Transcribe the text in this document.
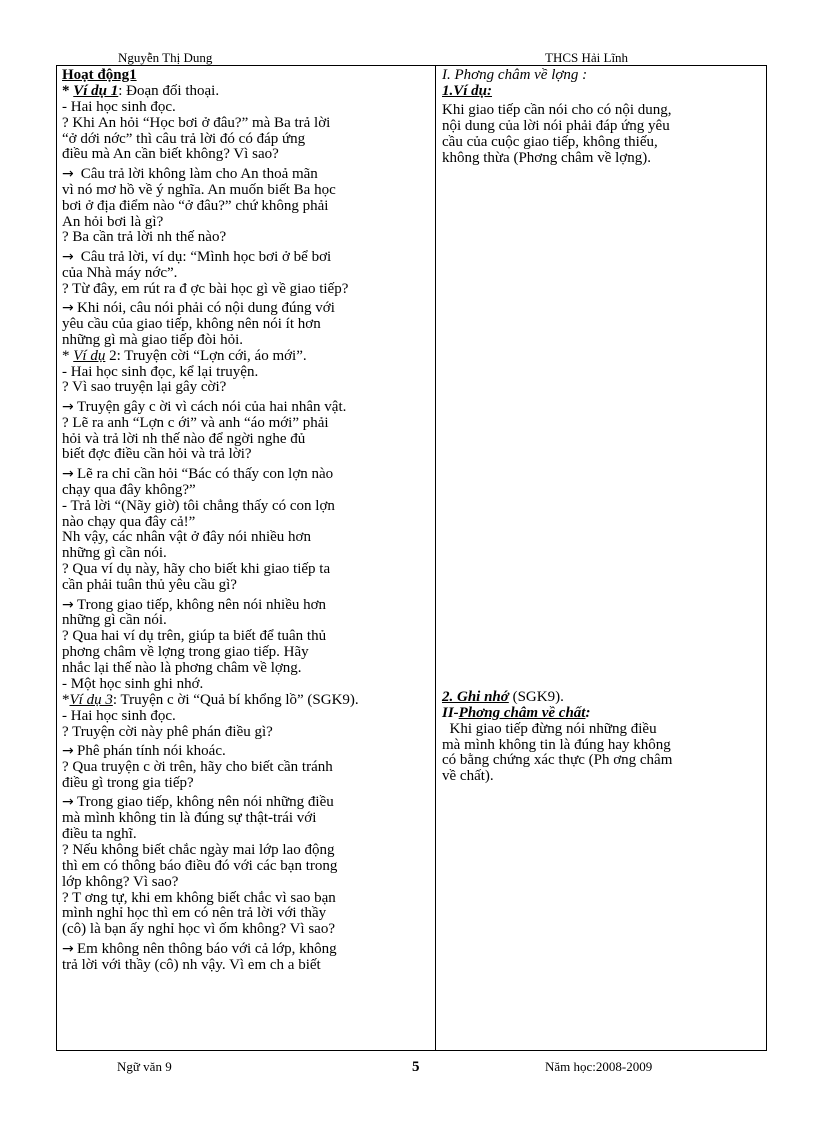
Nguyễn Thị Dung	THCS Hải Lĩnh
Hoạt động1
* Ví dụ 1: Đoạn đối thoại.
- Hai học sinh đọc.
? Khi An hỏi “Học bơi ở đâu?” mà Ba trả lời
“ở dới nớc” thì câu trả lời đó có đáp ứng
điều mà An cần biết không? Vì sao?
→ Câu trả lời không làm cho An thoả mãn
vì nó mơ hồ về ý nghĩa. An muốn biết Ba học
bơi ở địa điểm nào “ở đâu?” chứ không phải
An hỏi bơi là gì?
? Ba cần trả lời nh thế nào?
→ Câu trả lời, ví dụ: “Mình học bơi ở bể bơi
của Nhà máy nớc”.
? Từ đây, em rút ra đ ợc bài học gì về giao tiếp?
→ Khi nói, câu nói phải có nội dung đúng với
yêu cầu của giao tiếp, không nên nói ít hơn
những gì mà giao tiếp đòi hỏi.
* Ví dụ 2: Truyện cời “Lợn cới, áo mới”.
- Hai học sinh đọc, kể lại truyện.
? Vì sao truyện lại gây cời?
→ Truyện gây c ời vì cách nói của hai nhân vật.
? Lẽ ra anh “Lợn c ới” và anh “áo mới” phải
hỏi và trả lời nh thế nào để ngời nghe đủ
biết đợc điều cần hỏi và trả lời?
→ Lẽ ra chỉ cần hỏi “Bác có thấy con lợn nào
chạy qua đây không?”
- Trả lời “(Nãy giờ) tôi chẳng thấy có con lợn
nào chạy qua đây cả!”
Nh vậy, các nhân vật ở đây nói nhiều hơn
những gì cần nói.
? Qua ví dụ này, hãy cho biết khi giao tiếp ta
cần phải tuân thủ yêu cầu gì?
→ Trong giao tiếp, không nên nói nhiều hơn
những gì cần nói.
? Qua hai ví dụ trên, giúp ta biết để tuân thủ
phơng châm về lợng trong giao tiếp. Hãy
nhắc lại thế nào là phơng châm về lợng.
- Một học sinh ghi nhớ.
*Ví dụ 3: Truyện c ời “Quả bí khổng lồ” (SGK9).
- Hai học sinh đọc.
? Truyện cời này phê phán điều gì?
→ Phê phán tính nói khoác.
? Qua truyện c ời trên, hãy cho biết cần tránh
điều gì trong gia tiếp?
→ Trong giao tiếp, không nên nói những điều
mà mình không tin là đúng sự thật-trái với
điều ta nghĩ.
? Nếu không biết chắc ngày mai lớp lao động
thì em có thông báo điều đó với các bạn trong
lớp không? Vì sao?
? T ơng tự, khi em không biết chắc vì sao bạn
mình nghỉ học thì em có nên trả lời với thầy
(cô) là bạn ấy nghỉ học vì ốm không? Vì sao?
→ Em không nên thông báo với cả lớp, không
trả lời với thầy (cô) nh vậy. Vì em ch a biết
I. Phơng châm về lợng :
1.Ví dụ:
Khi giao tiếp cần nói cho có nội dung,
nội dung của lời nói phải đáp ứng yêu
cầu của cuộc giao tiếp, không thiếu,
không thừa (Phơng châm về lợng).
2. Ghi nhớ (SGK9).
II-Phơng châm về chất:
Khi giao tiếp đừng nói những điều
mà mình không tin là đúng hay không
có bằng chứng xác thực (Ph ơng châm
về chất).
Ngữ văn 9	5	Năm học:2008-2009
